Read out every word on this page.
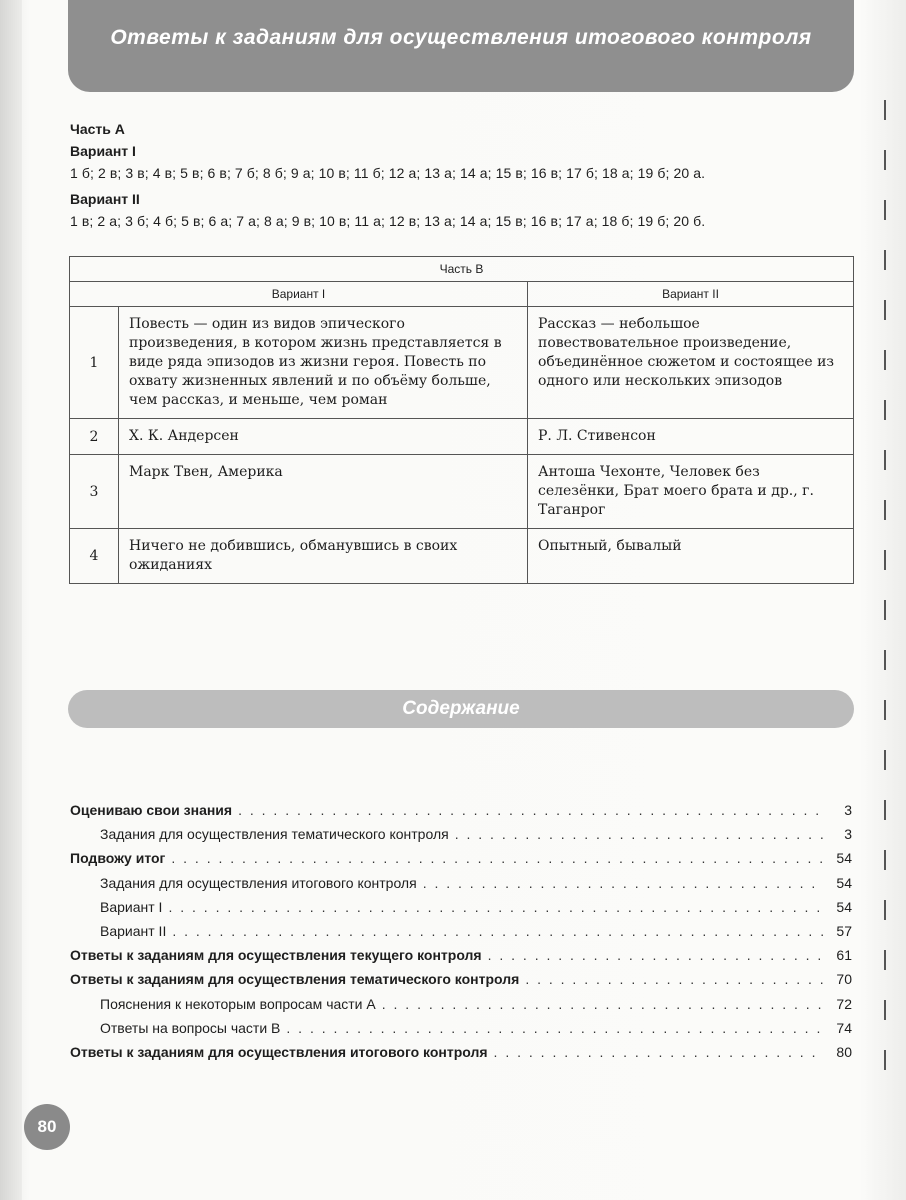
Ответы к заданиям для осуществления итогового контроля
Часть А
Вариант I
1 б; 2 в; 3 в; 4 в; 5 в; 6 в; 7 б; 8 б; 9 а; 10 в; 11 б; 12 а; 13 а; 14 а; 15 в; 16 в; 17 б; 18 а; 19 б; 20 а.
Вариант II
1 в; 2 а; 3 б; 4 б; 5 в; 6 а; 7 а; 8 а; 9 в; 10 в; 11 а; 12 в; 13 а; 14 а; 15 в; 16 в; 17 а; 18 б; 19 б; 20 б.
Часть В		
Вариант I		Вариант II
1	Повесть — один из видов эпического произведения, в котором жизнь представляется в виде ряда эпизодов из жизни героя. Повесть по охвату жизненных явлений и по объёму больше, чем рассказ, и меньше, чем роман	Рассказ — небольшое повествовательное произведение, объединённое сюжетом и состоящее из одного или нескольких эпизодов
2	Х. К. Андерсен	Р. Л. Стивенсон
3	Марк Твен, Америка	Антоша Чехонте, Человек без селезёнки, Брат моего брата и др., г. Таганрог
4	Ничего не добившись, обманувшись в своих ожиданиях	Опытный, бывалый
Содержание
Оцениваю свои знания . . .	3
Задания для осуществления тематического контроля . . .	3
Подвожу итог . . .	54
Задания для осуществления итогового контроля . . .	54
Вариант I . . .	54
Вариант II . . .	57
Ответы к заданиям для осуществления текущего контроля . . .	61
Ответы к заданиям для осуществления тематического контроля . . .	70
Пояснения к некоторым вопросам части А . . .	72
Ответы на вопросы части В . . .	74
Ответы к заданиям для осуществления итогового контроля . . .	80
80
